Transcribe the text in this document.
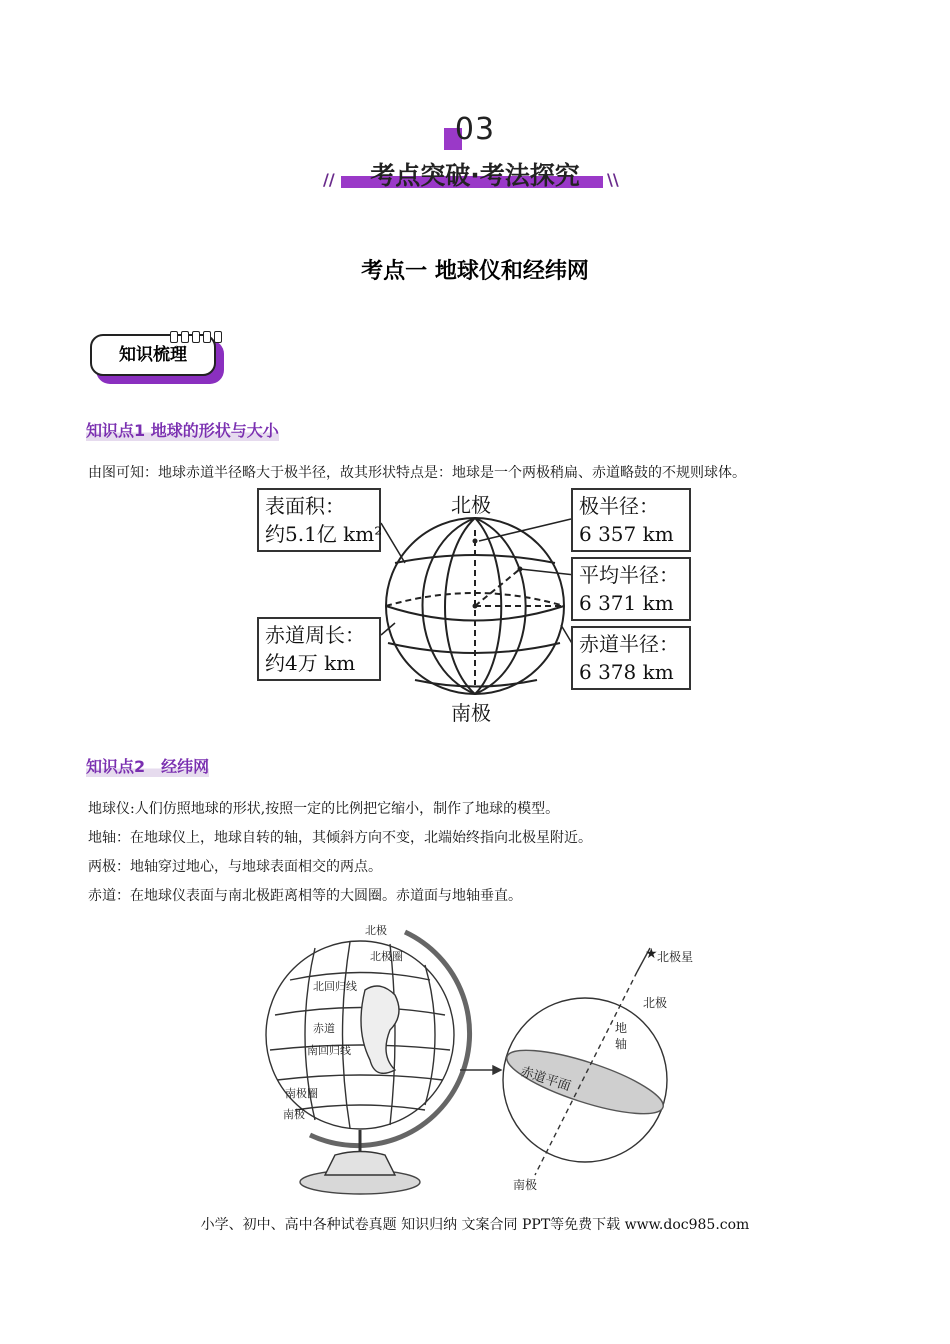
03
//	\\
考点突破·考法探究
考点一 地球仪和经纬网
知识梳理
知识点1 地球的形状与大小
由图可知：地球赤道半径略大于极半径，故其形状特点是：地球是一个两极稍扁、赤道略鼓的不规则球体。
北极
南极
表面积：
约5.1亿 km²
赤道周长：
约4万 km
极半径：
6 357 km
平均半径：
6 371 km
赤道半径：
6 378 km
知识点2　经纬网
地球仪:人们仿照地球的形状,按照一定的比例把它缩小，制作了地球的模型。
地轴：在地球仪上，地球自转的轴，其倾斜方向不变，北端始终指向北极星附近。
两极：地轴穿过地心，与地球表面相交的两点。
赤道：在地球仪表面与南北极距离相等的大圆圈。赤道面与地轴垂直。
★
北极
北极圈
北回归线
赤道
南回归线
南极圈
南极
北极星
北极
地轴
赤道平面
南极
小学、初中、高中各种试卷真题 知识归纳 文案合同 PPT等免费下载 www.doc985.com
